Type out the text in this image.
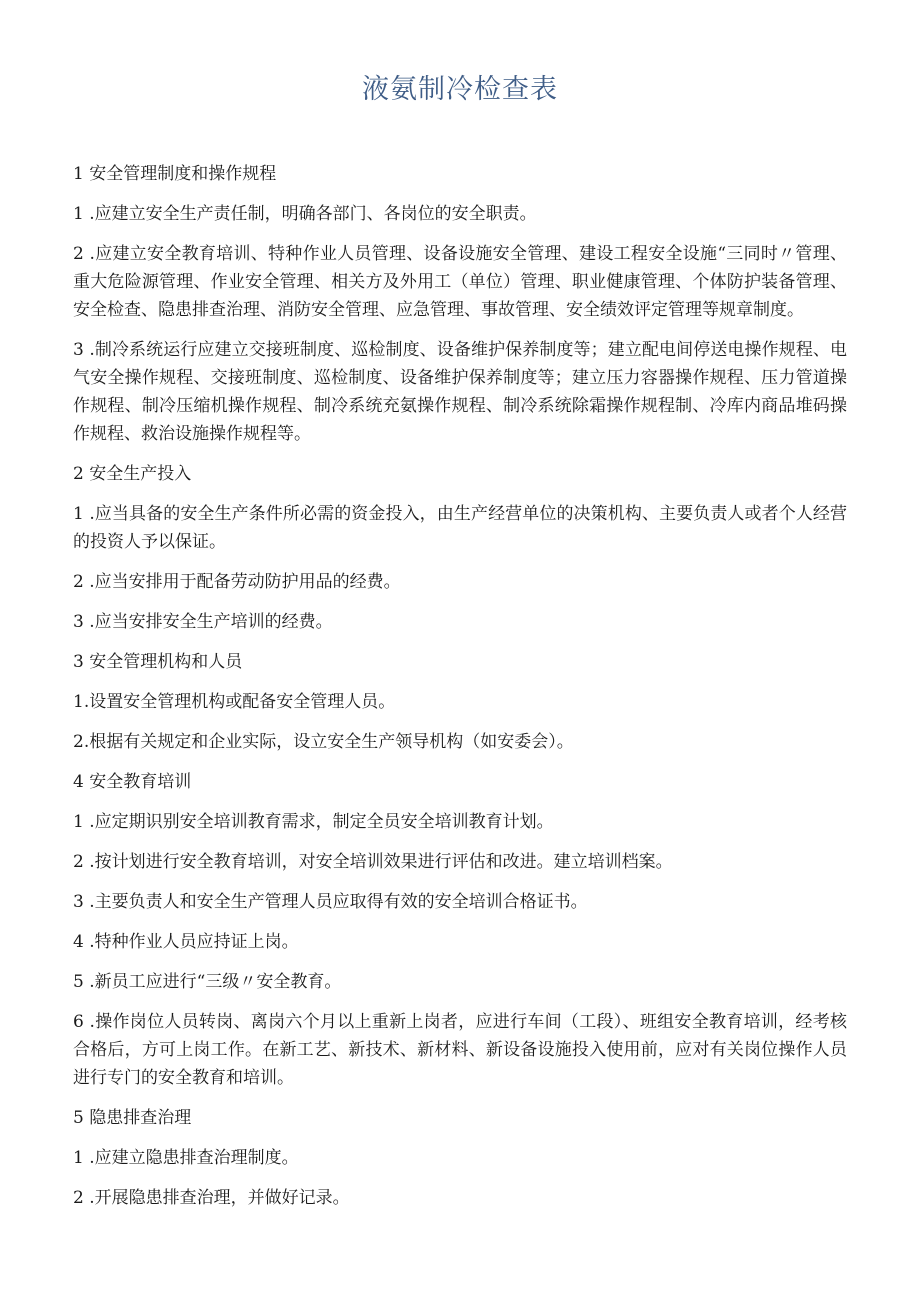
液氨制冷检查表

1 安全管理制度和操作规程

1 .应建立安全生产责任制，明确各部门、各岗位的安全职责。

2 .应建立安全教育培训、特种作业人员管理、设备设施安全管理、建设工程安全设施“三同时〃管理、重大危险源管理、作业安全管理、相关方及外用工（单位）管理、职业健康管理、个体防护装备管理、安全检查、隐患排查治理、消防安全管理、应急管理、事故管理、安全绩效评定管理等规章制度。

3 .制冷系统运行应建立交接班制度、巡检制度、设备维护保养制度等；建立配电间停送电操作规程、电气安全操作规程、交接班制度、巡检制度、设备维护保养制度等；建立压力容器操作规程、压力管道操作规程、制冷压缩机操作规程、制冷系统充氨操作规程、制冷系统除霜操作规程制、冷库内商品堆码操作规程、救治设施操作规程等。

2 安全生产投入

1 .应当具备的安全生产条件所必需的资金投入，由生产经营单位的决策机构、主要负责人或者个人经营的投资人予以保证。

2 .应当安排用于配备劳动防护用品的经费。

3 .应当安排安全生产培训的经费。

3 安全管理机构和人员

1.设置安全管理机构或配备安全管理人员。

2.根据有关规定和企业实际，设立安全生产领导机构（如安委会）。

4 安全教育培训

1 .应定期识别安全培训教育需求，制定全员安全培训教育计划。

2 .按计划进行安全教育培训，对安全培训效果进行评估和改进。建立培训档案。

3 .主要负责人和安全生产管理人员应取得有效的安全培训合格证书。

4 .特种作业人员应持证上岗。

5 .新员工应进行“三级〃安全教育。

6 .操作岗位人员转岗、离岗六个月以上重新上岗者，应进行车间（工段）、班组安全教育培训，经考核合格后，方可上岗工作。在新工艺、新技术、新材料、新设备设施投入使用前，应对有关岗位操作人员进行专门的安全教育和培训。

5 隐患排查治理

1 .应建立隐患排查治理制度。

2 .开展隐患排查治理，并做好记录。
